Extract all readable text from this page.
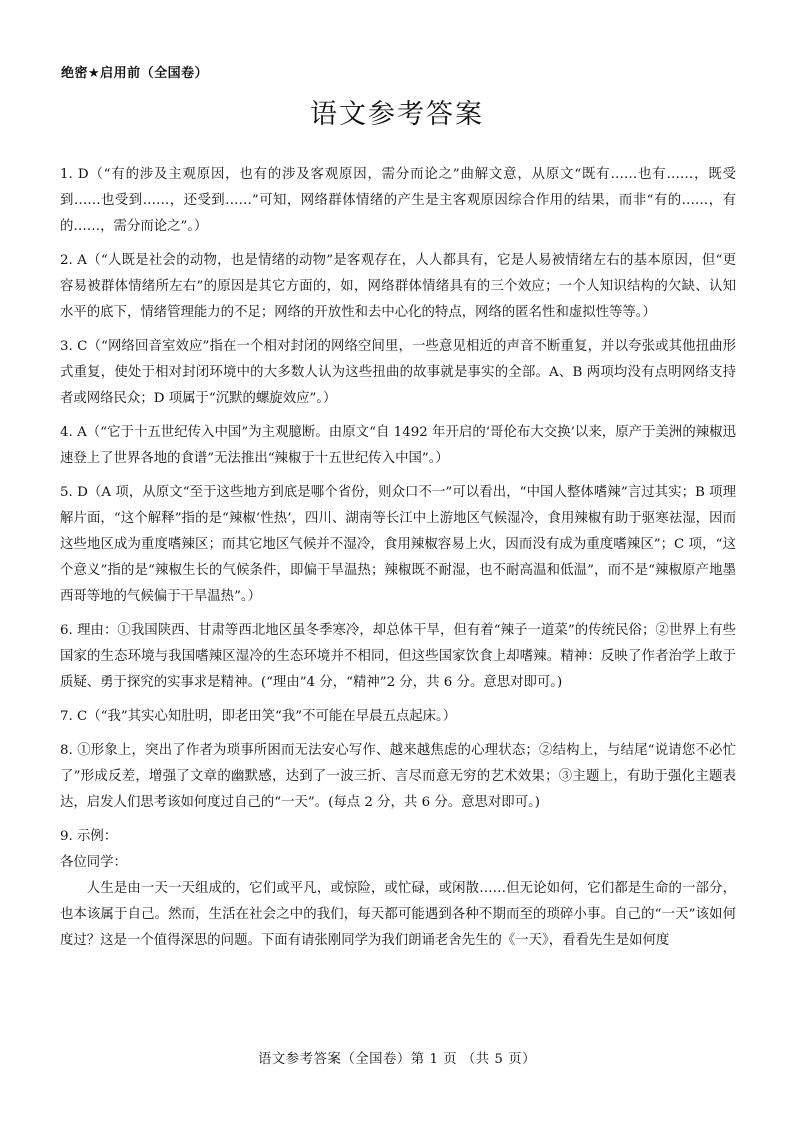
绝密★启用前（全国卷）
语文参考答案

1. D（“有的涉及主观原因，也有的涉及客观原因，需分而论之”曲解文意，从原文“既有……也有……，既受到……也受到……，还受到……”可知，网络群体情绪的产生是主客观原因综合作用的结果，而非“有的……，有的……，需分而论之”。）

2. A（“人既是社会的动物，也是情绪的动物”是客观存在，人人都具有，它是人易被情绪左右的基本原因，但“更容易被群体情绪所左右”的原因是其它方面的，如，网络群体情绪具有的三个效应；一个人知识结构的欠缺、认知水平的底下，情绪管理能力的不足；网络的开放性和去中心化的特点，网络的匿名性和虚拟性等等。）

3. C（“网络回音室效应”指在一个相对封闭的网络空间里，一些意见相近的声音不断重复，并以夸张或其他扭曲形式重复，使处于相对封闭环境中的大多数人认为这些扭曲的故事就是事实的全部。A、B 两项均没有点明网络支持者或网络民众；D 项属于“沉默的螺旋效应”。）

4. A（“它于十五世纪传入中国”为主观臆断。由原文“自 1492 年开启的‘哥伦布大交换’以来，原产于美洲的辣椒迅速登上了世界各地的食谱”无法推出“辣椒于十五世纪传入中国”。）

5. D（A 项，从原文“至于这些地方到底是哪个省份，则众口不一”可以看出，“中国人整体嗜辣”言过其实；B 项理解片面，“这个解释”指的是“辣椒‘性热’，四川、湖南等长江中上游地区气候湿冷，食用辣椒有助于驱寒祛湿，因而这些地区成为重度嗜辣区；而其它地区气候并不湿冷，食用辣椒容易上火，因而没有成为重度嗜辣区”；C 项，“这个意义”指的是“辣椒生长的气候条件，即偏干旱温热；辣椒既不耐湿，也不耐高温和低温”，而不是“辣椒原产地墨西哥等地的气候偏于干旱温热”。）

6. 理由：①我国陕西、甘肃等西北地区虽冬季寒冷，却总体干旱，但有着“辣子一道菜”的传统民俗；②世界上有些国家的生态环境与我国嗜辣区湿冷的生态环境并不相同，但这些国家饮食上却嗜辣。精神：反映了作者治学上敢于质疑、勇于探究的实事求是精神。(“理由”4 分，“精神”2 分，共 6 分。意思对即可。)

7. C（“我”其实心知肚明，即老田笑“我”不可能在早晨五点起床。）

8. ①形象上，突出了作者为琐事所困而无法安心写作、越来越焦虑的心理状态；②结构上，与结尾“说请您不必忙了”形成反差，增强了文章的幽默感，达到了一波三折、言尽而意无穷的艺术效果；③主题上，有助于强化主题表达，启发人们思考该如何度过自己的“一天”。(每点 2 分，共 6 分。意思对即可。)

9. 示例：

各位同学：

人生是由一天一天组成的，它们或平凡，或惊险，或忙碌，或闲散……但无论如何，它们都是生命的一部分，也本该属于自己。然而，生活在社会之中的我们，每天都可能遇到各种不期而至的琐碎小事。自己的“一天”该如何度过？这是一个值得深思的问题。下面有请张刚同学为我们朗诵老舍先生的《一天》，看看先生是如何度

语文参考答案（全国卷）第 1 页 （共 5 页）
